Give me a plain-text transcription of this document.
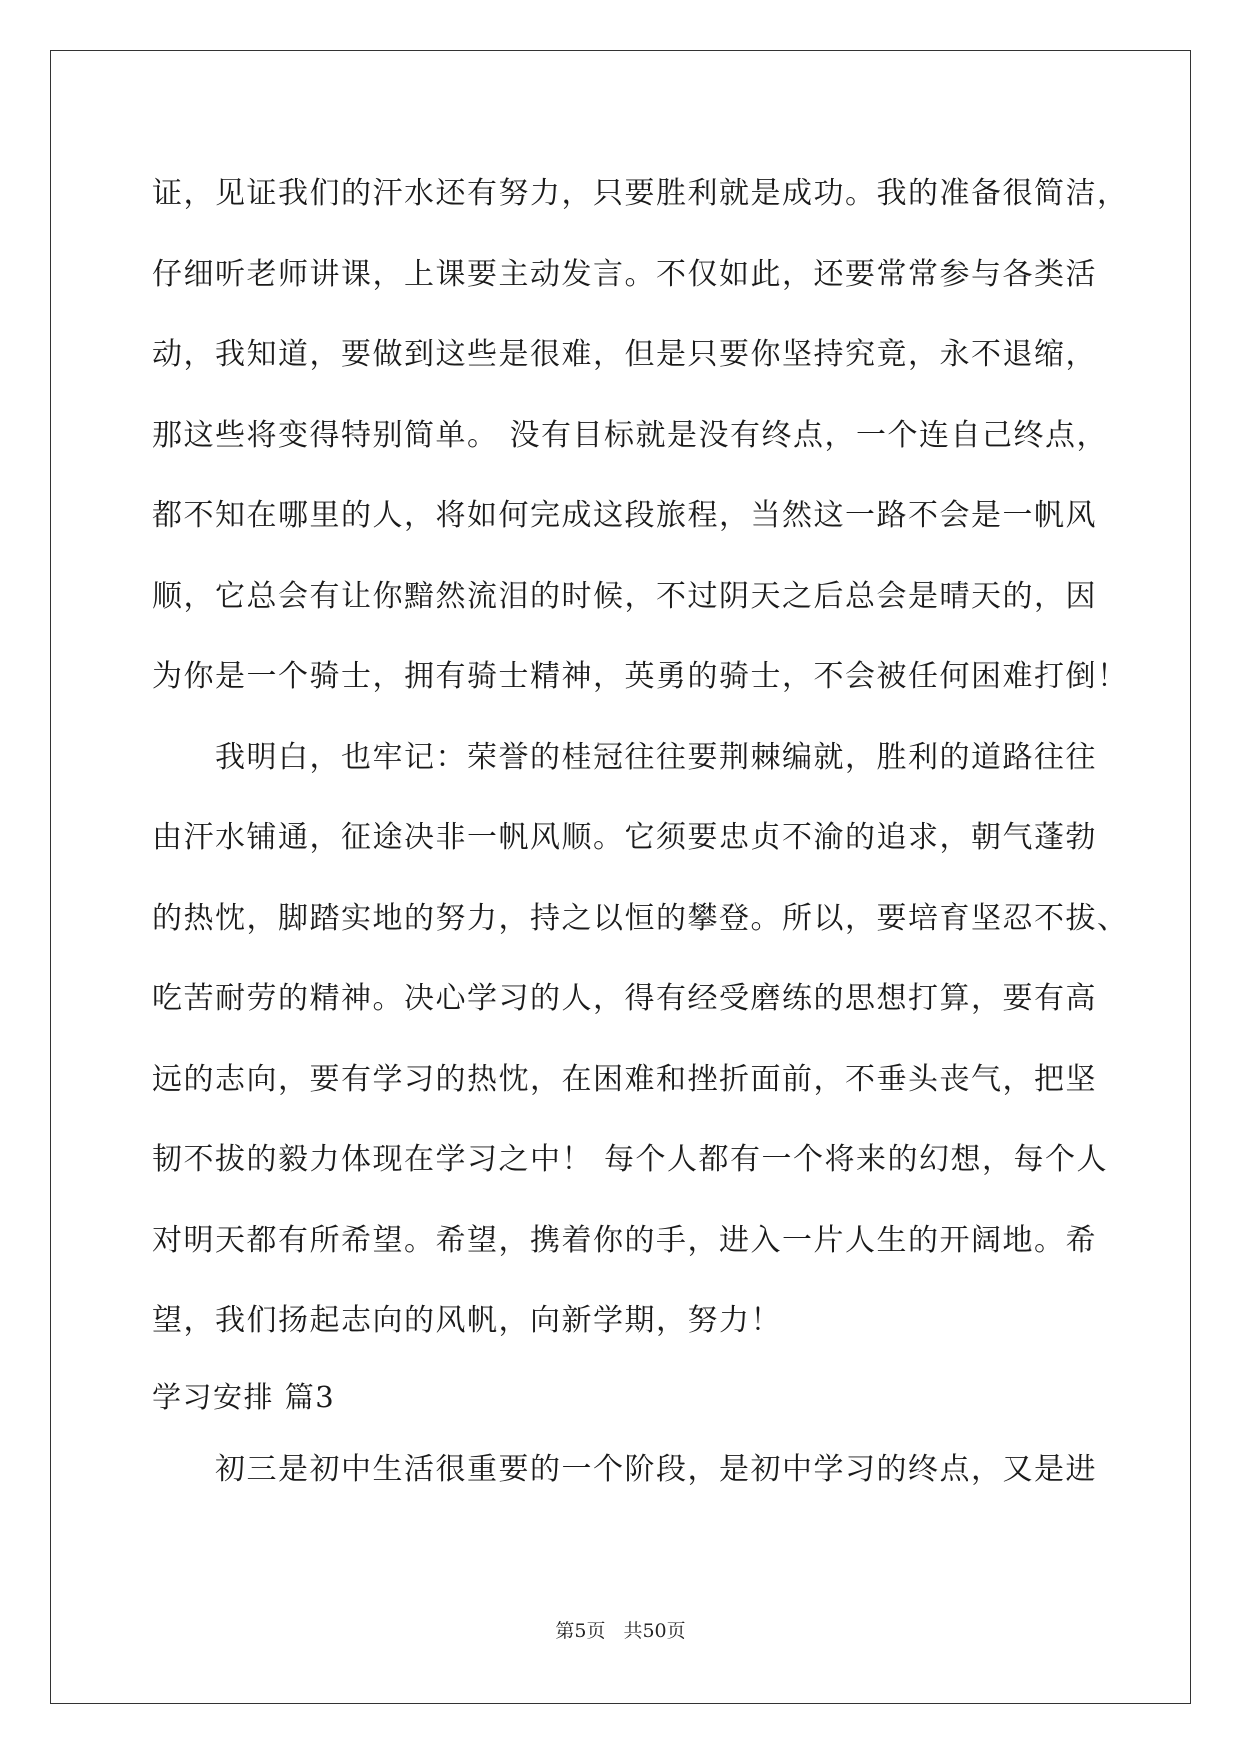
证，见证我们的汗水还有努力，只要胜利就是成功。我的准备很简洁，
仔细听老师讲课，上课要主动发言。不仅如此，还要常常参与各类活
动，我知道，要做到这些是很难，但是只要你坚持究竟，永不退缩，
那这些将变得特别简单。 没有目标就是没有终点，一个连自己终点，
都不知在哪里的人，将如何完成这段旅程，当然这一路不会是一帆风
顺，它总会有让你黯然流泪的时候，不过阴天之后总会是晴天的，因
为你是一个骑士，拥有骑士精神，英勇的骑士，不会被任何困难打倒！
我明白，也牢记：荣誉的桂冠往往要荆棘编就，胜利的道路往往
由汗水铺通，征途决非一帆风顺。它须要忠贞不渝的追求，朝气蓬勃
的热忱，脚踏实地的努力，持之以恒的攀登。所以，要培育坚忍不拔、
吃苦耐劳的精神。决心学习的人，得有经受磨练的思想打算，要有高
远的志向，要有学习的热忱，在困难和挫折面前，不垂头丧气，把坚
韧不拔的毅力体现在学习之中！ 每个人都有一个将来的幻想，每个人
对明天都有所希望。希望，携着你的手，进入一片人生的开阔地。希
望，我们扬起志向的风帆，向新学期，努力！
学习安排 篇3
初三是初中生活很重要的一个阶段，是初中学习的终点，又是进
第5页 共50页
